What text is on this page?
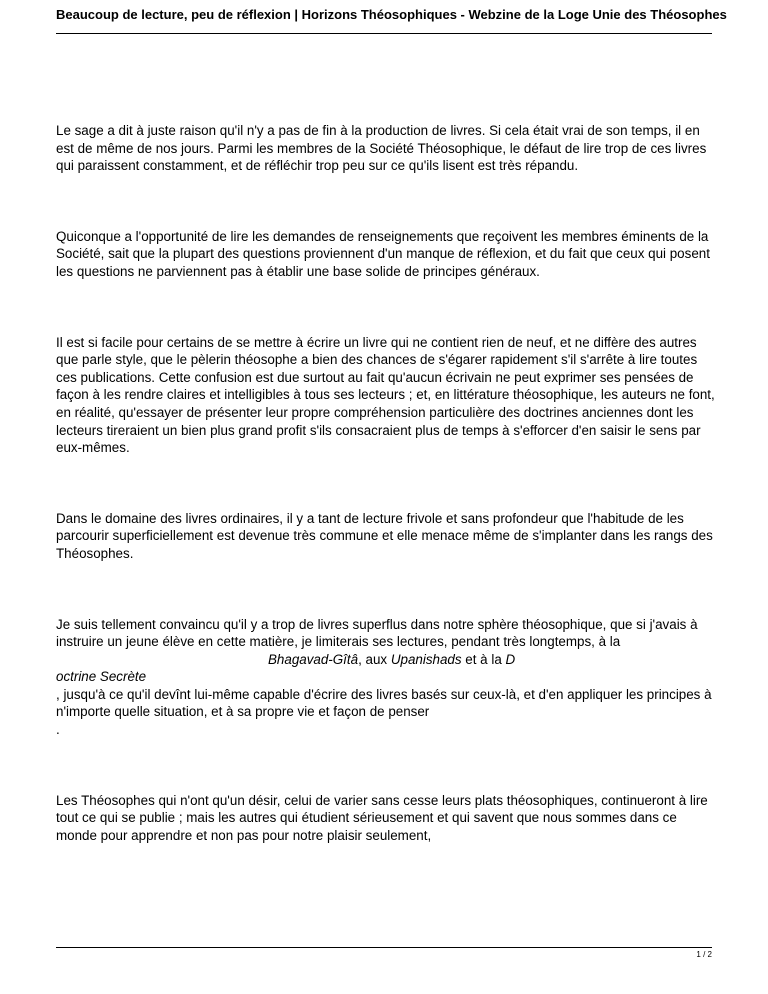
Beaucoup de lecture, peu de réflexion | Horizons Théosophiques - Webzine de la Loge Unie des Théosophes

Le sage a dit à juste raison qu'il n'y a pas de fin à la production de livres. Si cela était vrai de son temps, il en est de même de nos jours. Parmi les membres de la Société Théosophique, le défaut de lire trop de ces livres qui paraissent constamment, et de réfléchir trop peu sur ce qu'ils lisent est très répandu.

Quiconque a l'opportunité de lire les demandes de renseignements que reçoivent les membres éminents de la Société, sait que la plupart des questions proviennent d'un manque de réflexion, et du fait que ceux qui posent les questions ne parviennent pas à établir une base solide de principes généraux.

Il est si facile pour certains de se mettre à écrire un livre qui ne contient rien de neuf, et ne diffère des autres que parle style, que le pèlerin théosophe a bien des chances de s'égarer rapidement s'il s'arrête à lire toutes ces publications. Cette confusion est due surtout au fait qu'aucun écrivain ne peut exprimer ses pensées de façon à les rendre claires et intelligibles à tous ses lecteurs ; et, en littérature théosophique, les auteurs ne font, en réalité, qu'essayer de présenter leur propre compréhension particulière des doctrines anciennes dont les lecteurs tireraient un bien plus grand profit s'ils consacraient plus de temps à s'efforcer d'en saisir le sens par eux-mêmes.

Dans le domaine des livres ordinaires, il y a tant de lecture frivole et sans profondeur que l'habitude de les parcourir superficiellement est devenue très commune et elle menace même de s'implanter dans les rangs des Théosophes.

Je suis tellement convaincu qu'il y a trop de livres superflus dans notre sphère théosophique, que si j'avais à instruire un jeune élève en cette matière, je limiterais ses lectures, pendant très longtemps, à la Bhagavad-Gîtâ, aux Upanishads et à la D
octrine Secrète
, jusqu'à ce qu'il devînt lui-même capable d'écrire des livres basés sur ceux-là, et d'en appliquer les principes à n'importe quelle situation, et à sa propre vie et façon de penser
.

Les Théosophes qui n'ont qu'un désir, celui de varier sans cesse leurs plats théosophiques, continueront à lire tout ce qui se publie ; mais les autres qui étudient sérieusement et qui savent que nous sommes dans ce monde pour apprendre et non pas pour notre plaisir seulement,

1 / 2
